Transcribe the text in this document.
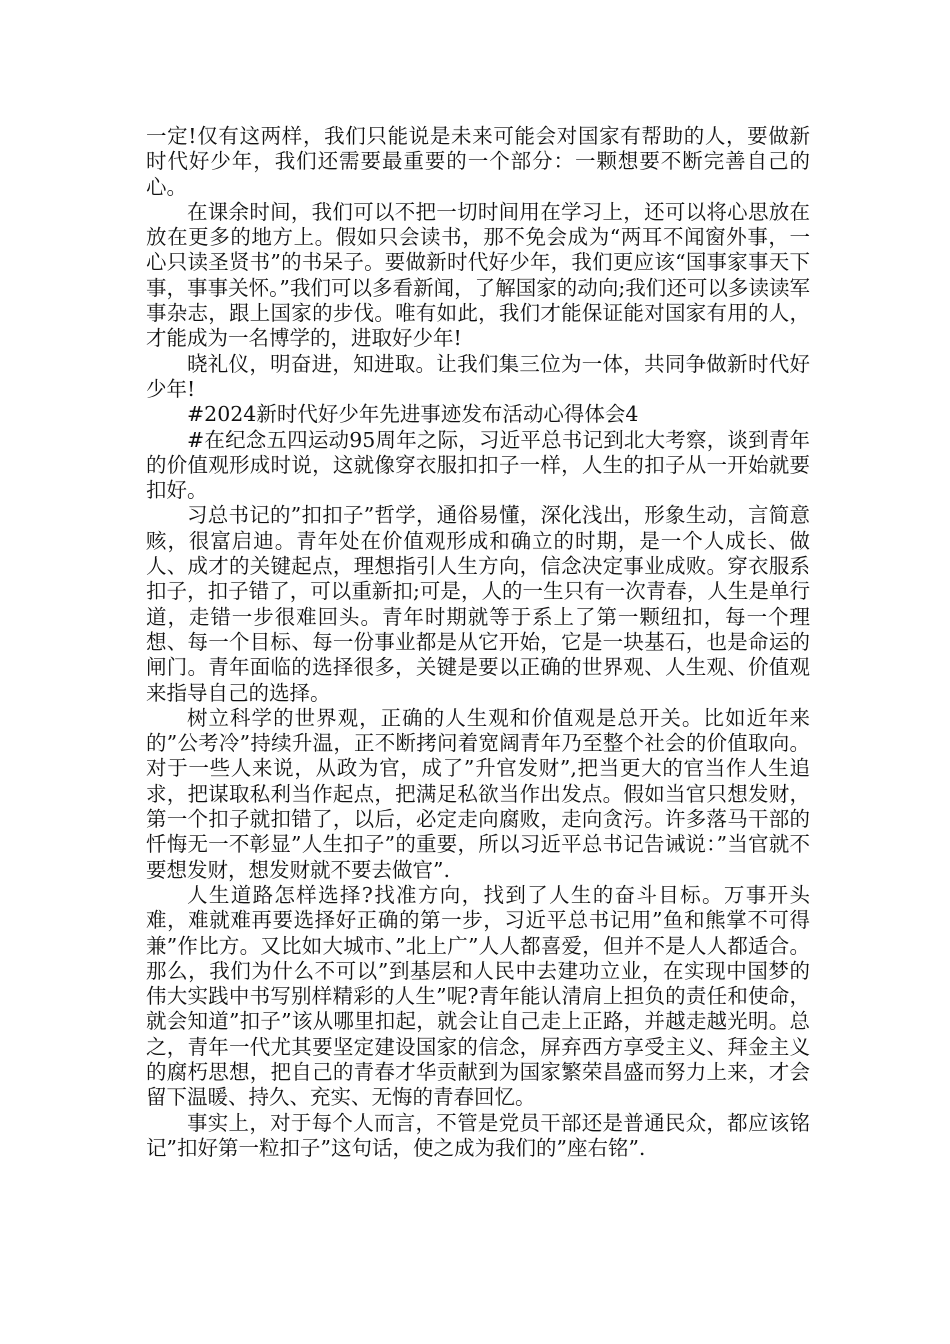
一定!仅有这两样，我们只能说是未来可能会对国家有帮助的人，要做新时代好少年，我们还需要最重要的一个部分：一颗想要不断完善自己的心。

在课余时间，我们可以不把一切时间用在学习上，还可以将心思放在放在更多的地方上。假如只会读书，那不免会成为“两耳不闻窗外事，一心只读圣贤书”的书呆子。要做新时代好少年，我们更应该“国事家事天下事，事事关怀。”我们可以多看新闻，了解国家的动向;我们还可以多读读军事杂志，跟上国家的步伐。唯有如此，我们才能保证能对国家有用的人，才能成为一名博学的，进取好少年!

晓礼仪，明奋进，知进取。让我们集三位为一体，共同争做新时代好少年!

#2024新时代好少年先进事迹发布活动心得体会4

#在纪念五四运动95周年之际，习近平总书记到北大考察，谈到青年的价值观形成时说，这就像穿衣服扣扣子一样，人生的扣子从一开始就要扣好。

习总书记的”扣扣子”哲学，通俗易懂，深化浅出，形象生动，言简意赅，很富启迪。青年处在价值观形成和确立的时期，是一个人成长、做人、成才的关键起点，理想指引人生方向，信念决定事业成败。穿衣服系扣子，扣子错了，可以重新扣;可是，人的一生只有一次青春，人生是单行道，走错一步很难回头。青年时期就等于系上了第一颗纽扣，每一个理想、每一个目标、每一份事业都是从它开始，它是一块基石，也是命运的闸门。青年面临的选择很多，关键是要以正确的世界观、人生观、价值观来指导自己的选择。

树立科学的世界观，正确的人生观和价值观是总开关。比如近年来的”公考冷”持续升温，正不断拷问着宽阔青年乃至整个社会的价值取向。对于一些人来说，从政为官，成了”升官发财”,把当更大的官当作人生追求，把谋取私利当作起点，把满足私欲当作出发点。假如当官只想发财，第一个扣子就扣错了，以后，必定走向腐败，走向贪污。许多落马干部的忏悔无一不彰显”人生扣子”的重要，所以习近平总书记告诫说：”当官就不要想发财，想发财就不要去做官”.

人生道路怎样选择?找准方向，找到了人生的奋斗目标。万事开头难，难就难再要选择好正确的第一步，习近平总书记用”鱼和熊掌不可得兼”作比方。又比如大城市、”北上广”人人都喜爱，但并不是人人都适合。那么，我们为什么不可以”到基层和人民中去建功立业，在实现中国梦的伟大实践中书写别样精彩的人生”呢?青年能认清肩上担负的责任和使命，就会知道”扣子”该从哪里扣起，就会让自己走上正路，并越走越光明。总之，青年一代尤其要坚定建设国家的信念，屏弃西方享受主义、拜金主义的腐朽思想，把自己的青春才华贡献到为国家繁荣昌盛而努力上来，才会留下温暖、持久、充实、无悔的青春回忆。

事实上，对于每个人而言，不管是党员干部还是普通民众，都应该铭记”扣好第一粒扣子”这句话，使之成为我们的”座右铭”.
